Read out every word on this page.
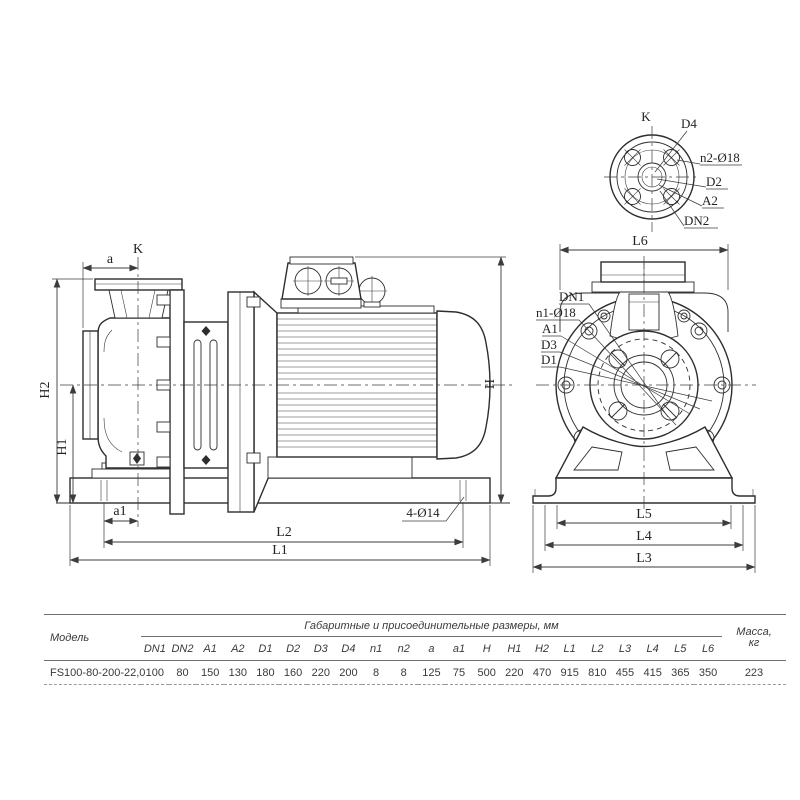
a
K
H2
H1
H
a1
L2
L1
4-Ø14
DN1
n1-Ø18
A1
D3
D1
L6
L5
L4
L3
K D4
n2-Ø18
D2
A2
DN2
Модель	Габаритные и присоединительные размеры, мм																					Масса,
кг

	DN1	DN2	A1	A2	D1	D2	D3	D4	n1	n2	a	a1	H	H1	H2	L1	L2	L3	L4	L5	L6	
FS100-80-200-22,0	100	80	150	130	180	160	220	200	8	8	125	75	500	220	470	915	810	455	415	365	350	223
